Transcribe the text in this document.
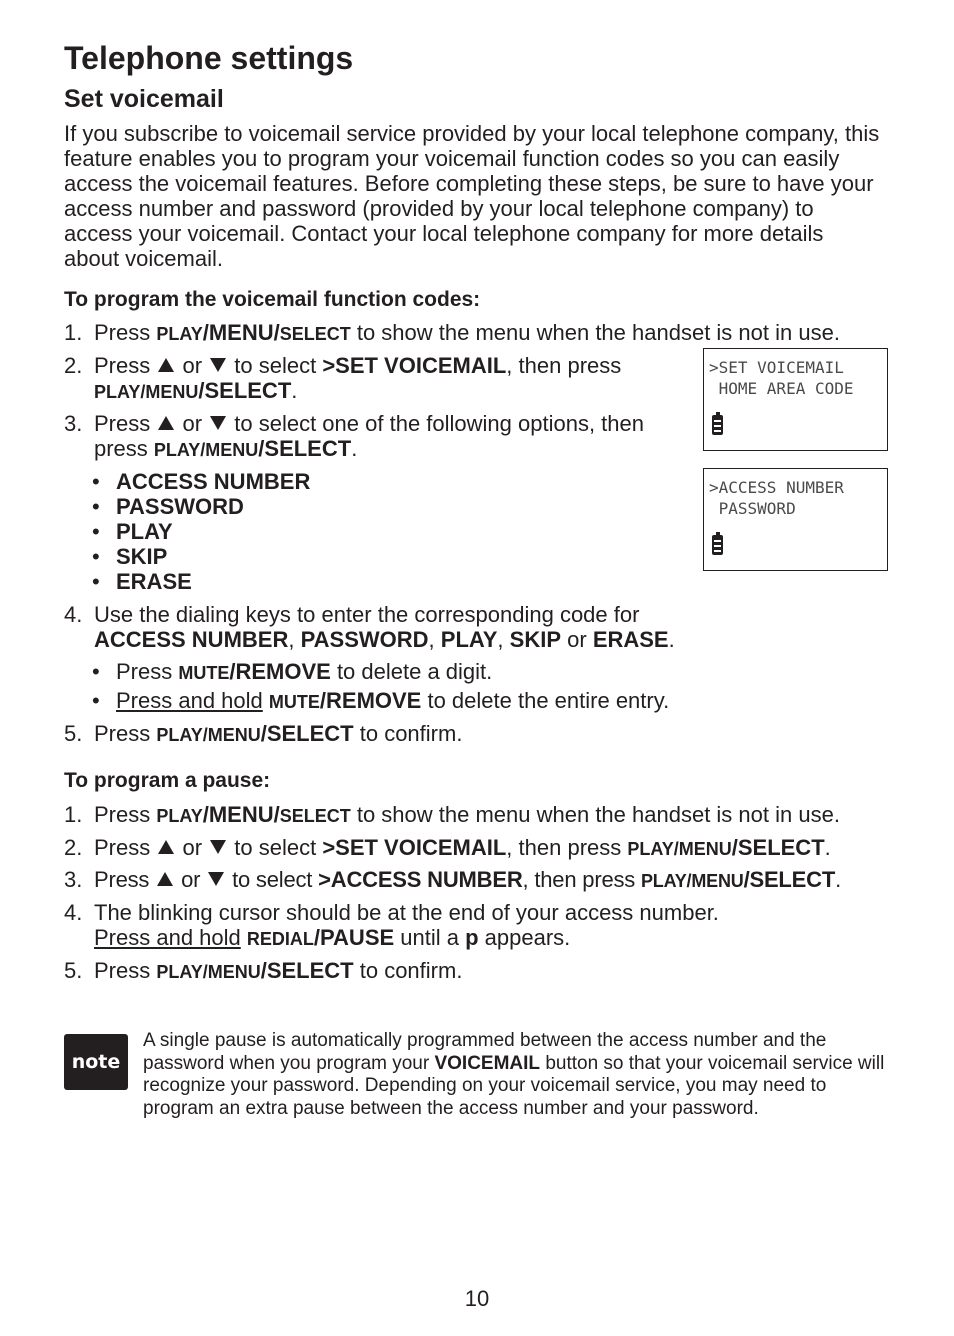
Telephone settings
Set voicemail

If you subscribe to voicemail service provided by your local telephone company, this feature enables you to program your voicemail function codes so you can easily access the voicemail features. Before completing these steps, be sure to have your access number and password (provided by your local telephone company) to access your voicemail. Contact your local telephone company for more details about voicemail.

To program the voicemail function codes:
1. Press PLAY/MENU/SELECT to show the menu when the handset is not in use.
2. Press  or  to select >SET VOICEMAIL, then press
PLAY/MENU/SELECT.
3. Press  or  to select one of the following options, then
press PLAY/MENU/SELECT.
• ACCESS NUMBER
• PASSWORD
• PLAY
• SKIP
• ERASE
4. Use the dialing keys to enter the corresponding code for
ACCESS NUMBER, PASSWORD, PLAY, SKIP or ERASE.
• Press MUTE/REMOVE to delete a digit.
• Press and hold MUTE/REMOVE to delete the entire entry.
5. Press PLAY/MENU/SELECT to confirm.
>SET VOICEMAIL
HOME AREA CODE
>ACCESS NUMBER
PASSWORD
To program a pause:
1. Press PLAY/MENU/SELECT to show the menu when the handset is not in use.
2. Press  or  to select >SET VOICEMAIL, then press PLAY/MENU/SELECT.
3. Press  or  to select >ACCESS NUMBER, then press PLAY/MENU/SELECT.
4. The blinking cursor should be at the end of your access number.
Press and hold REDIAL/PAUSE until a p appears.
5. Press PLAY/MENU/SELECT to confirm.
note

A single pause is automatically programmed between the access number and the password when you program your VOICEMAIL button so that your voicemail service will recognize your password. Depending on your voicemail service, you may need to program an extra pause between the access number and your password.

10
